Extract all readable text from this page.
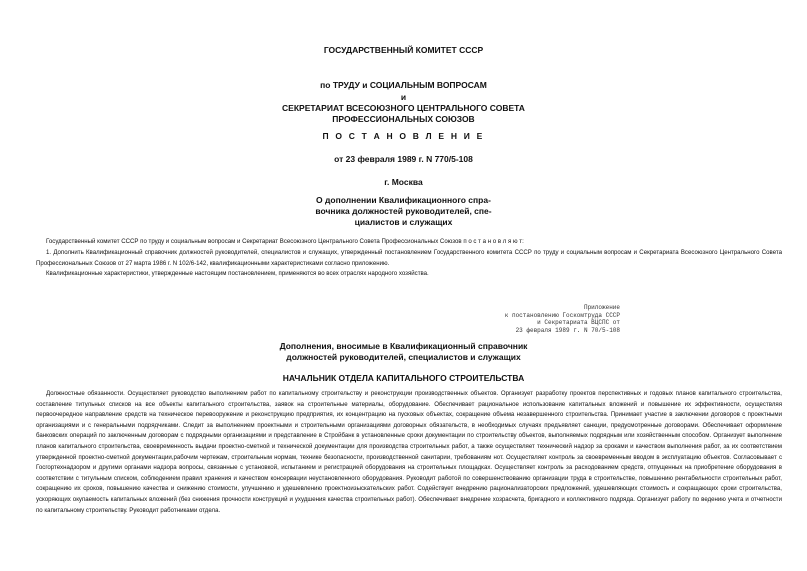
ГОСУДАРСТВЕННЫЙ КОМИТЕТ СССР
по ТРУДУ и СОЦИАЛЬНЫМ ВОПРОСАМ
и
СЕКРЕТАРИАТ ВСЕСОЮЗНОГО ЦЕНТРАЛЬНОГО СОВЕТА
ПРОФЕССИОНАЛЬНЫХ СОЮЗОВ
П О С Т А Н О В Л Е Н И Е
от 23 февраля 1989 г. N 770/5-108
г. Москва
О дополнении Квалификационного спра-
вочника должностей руководителей, спе-
циалистов и служащих
Государственный комитет СССР по труду и социальным вопросам и Секретариат Всесоюзного Центрального Совета Профессиональных Союзов п о с т а н о в л я ю т:
1. Дополнить Квалификационный справочник должностей руководителей, специалистов и служащих, утвержденный постановлением Государственного комитета СССР по труду и социальным вопросам и Секретариата Всесоюзного Центрального Совета Профессиональных Союзов от 27 марта 1986 г. N 102/6-142, квалификационными характеристиками согласно приложению.
Квалификационные характеристики, утвержденные настоящим постановлением, применяются во всех отраслях народного хозяйства.
Приложение
к постановлению Госкомтруда СССР
и Секретариата ВЦСПС от
23 февраля 1989 г. N 70/5-108
Дополнения, вносимые в Квалификационный справочник
должностей руководителей, специалистов и служащих
НАЧАЛЬНИК ОТДЕЛА КАПИТАЛЬНОГО СТРОИТЕЛЬСТВА
Должностные обязанности. Осуществляет руководство выполнением работ по капитальному строительству и реконструкции производственных объектов. Организует разработку проектов перспективных и годовых планов капитального строительства, составление титульных списков на все объекты капитального строительства, заявок на строительные материалы, оборудование. Обеспечивает рациональное использование капитальных вложений и повышение их эффективности, осуществляя первоочередное направление средств на техническое перевооружение и реконструкцию предприятия, их концентрацию на пусковых объектах, сокращение объема незавершенного строительства. Принимает участие в заключении договоров с проектными организациями и с генеральными подрядчиками. Следит за выполнением проектными и строительными организациями договорных обязательств, в необходимых случаях предъявляет санкции, предусмотренные договорами. Обеспечивает оформление банковских операций по заключенным договорам с подрядными организациями и представление в Стройбанк в установленные сроки документации по строительству объектов, выполняемых подрядным или хозяйственным способом. Организует выполнение планов капитального строительства, своевременность выдачи проектно-сметной и технической документации для производства строительных работ, а также осуществляет технический надзор за сроками и качеством выполнения работ, за их соответствием утвержденной проектно-сметной документации,рабочим чертежам, строительным нормам, технике безопасности, производственной санитарии, требованиям нот. Осуществляет контроль за своевременным вводом в эксплуатацию объектов. Согласовывает с Госгортехнадзором и другими органами надзора вопросы, связанные с установкой, испытанием и регистрацией оборудования на строительных площадках. Осуществляет контроль за расходованием средств, отпущенных на приобретение оборудования в соответствии с титульным списком, соблюдением правил хранения и качеством консервации неустановленного оборудования. Руководит работой по совершенствованию организации труда в строительстве, повышению рентабельности строительных работ, сокращению их сроков, повышению качества и снижению стоимости, улучшению и удешевлению проектноизыскательских работ. Содействует внедрению рационализаторских предложений, удешевляющих стоимость и сокращающих сроки строительства, ускоряющих окупаемость капитальных вложений (без снижения прочности конструкций и ухудшения качества строительных работ). Обеспечивает внедрение хозрасчета, бригадного и коллективного подряда. Организует работу по ведению учета и отчетности по капитальному строительству. Руководит работниками отдела.
